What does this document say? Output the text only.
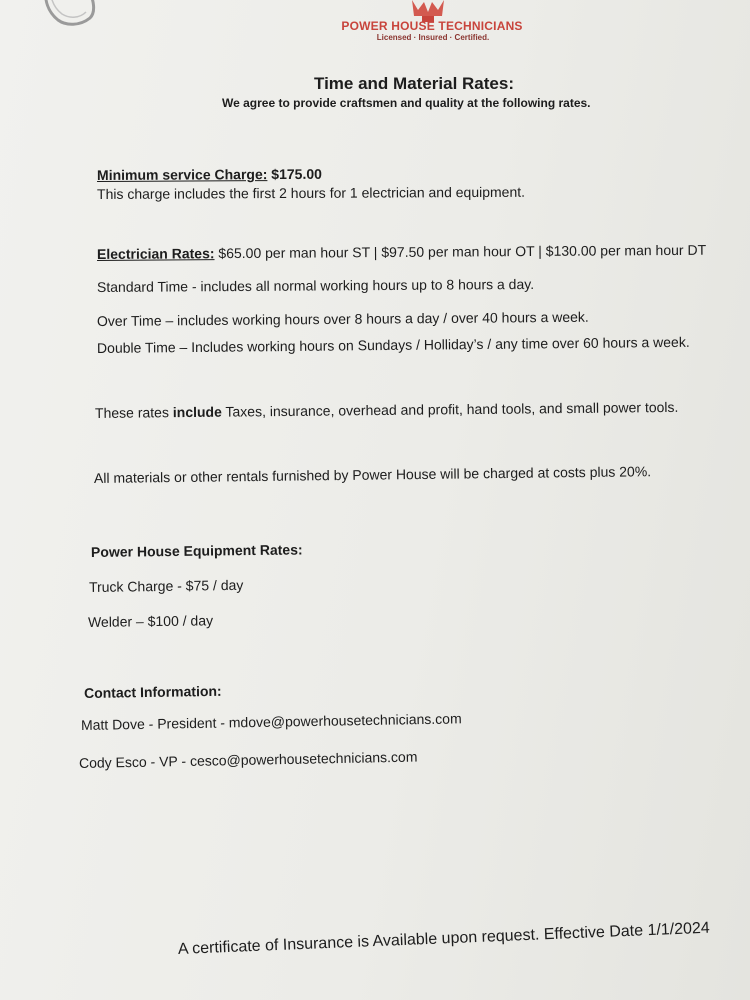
POWER HOUSE TECHNICIANS
Licensed · Insured · Certified.
Time and Material Rates:
We agree to provide craftsmen and quality at the following rates.
Minimum service Charge: $175.00
This charge includes the first 2 hours for 1 electrician and equipment.
Electrician Rates: $65.00 per man hour ST | $97.50 per man hour OT | $130.00 per man hour DT
Standard Time - includes all normal working hours up to 8 hours a day.
Over Time – includes working hours over 8 hours a day / over 40 hours a week.
Double Time – Includes working hours on Sundays / Holliday’s / any time over 60 hours a week.
These rates include Taxes, insurance, overhead and profit, hand tools, and small power tools.
All materials or other rentals furnished by Power House will be charged at costs plus 20%.
Power House Equipment Rates:
Truck Charge - $75 / day
Welder – $100 / day
Contact Information:
Matt Dove - President - mdove@powerhousetechnicians.com
Cody Esco - VP - cesco@powerhousetechnicians.com
A certificate of Insurance is Available upon request. Effective Date 1/1/2024
